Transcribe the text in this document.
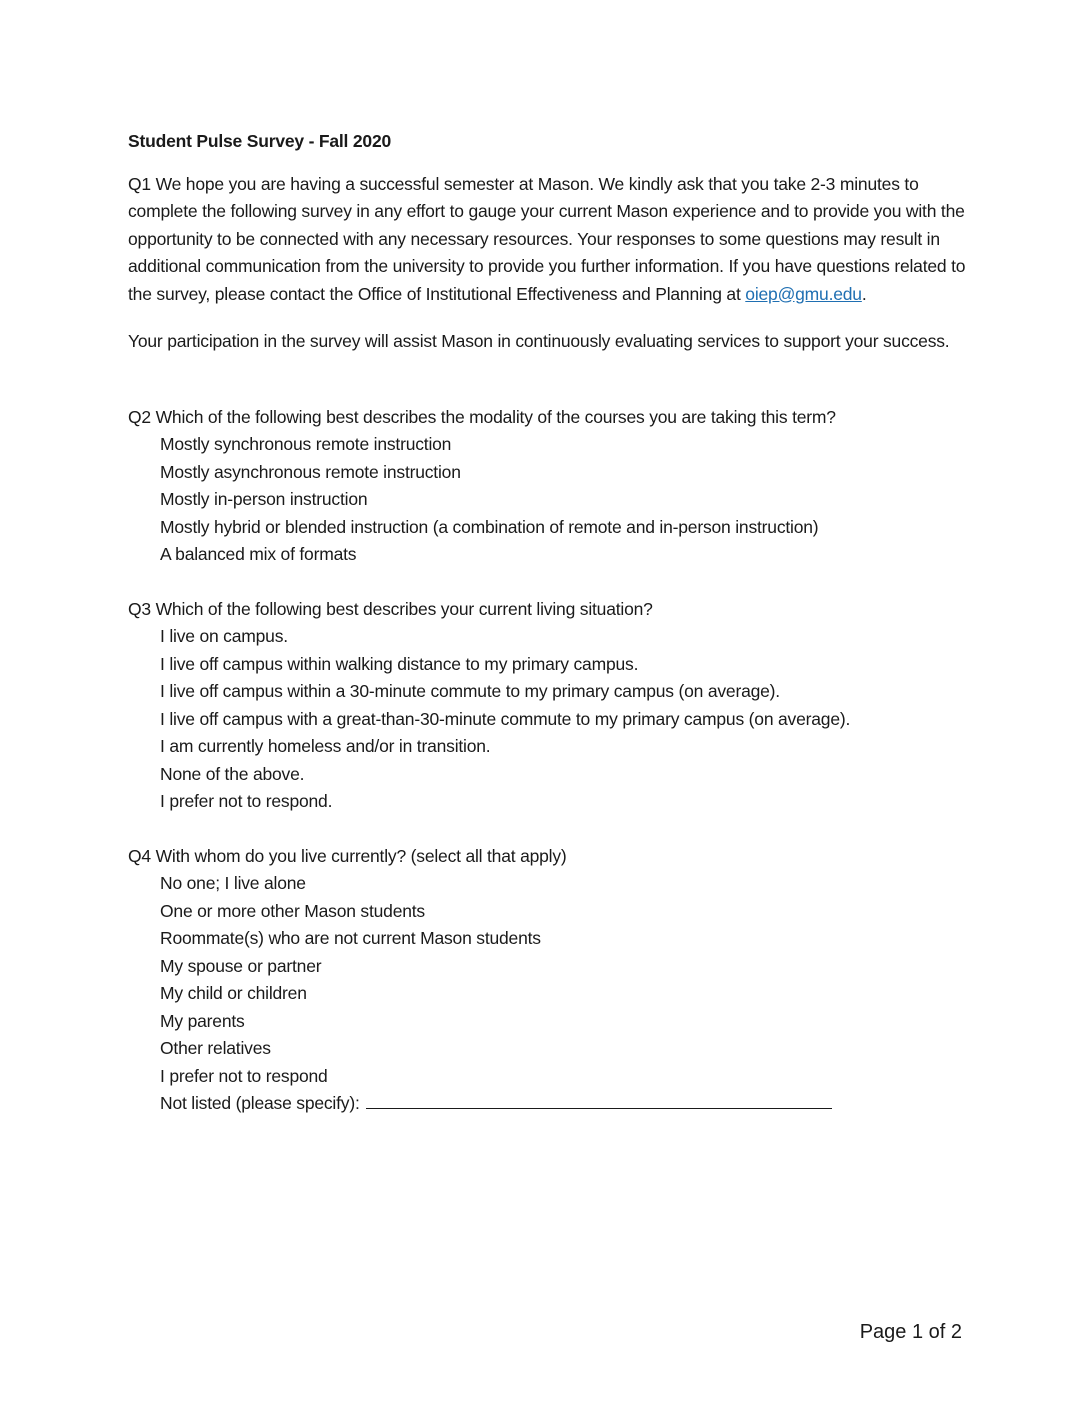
Student Pulse Survey - Fall 2020
Q1 We hope you are having a successful semester at Mason. We kindly ask that you take 2-3 minutes to complete the following survey in any effort to gauge your current Mason experience and to provide you with the opportunity to be connected with any necessary resources. Your responses to some questions may result in additional communication from the university to provide you further information. If you have questions related to the survey, please contact the Office of Institutional Effectiveness and Planning at oiep@gmu.edu.
Your participation in the survey will assist Mason in continuously evaluating services to support your success.
Q2 Which of the following best describes the modality of the courses you are taking this term?
Mostly synchronous remote instruction
Mostly asynchronous remote instruction
Mostly in-person instruction
Mostly hybrid or blended instruction (a combination of remote and in-person instruction)
A balanced mix of formats
Q3 Which of the following best describes your current living situation?
I live on campus.
I live off campus within walking distance to my primary campus.
I live off campus within a 30-minute commute to my primary campus (on average).
I live off campus with a great-than-30-minute commute to my primary campus (on average).
I am currently homeless and/or in transition.
None of the above.
I prefer not to respond.
Q4 With whom do you live currently? (select all that apply)
No one; I live alone
One or more other Mason students
Roommate(s) who are not current Mason students
My spouse or partner
My child or children
My parents
Other relatives
I prefer not to respond
Not listed (please specify):
Page 1 of 2
